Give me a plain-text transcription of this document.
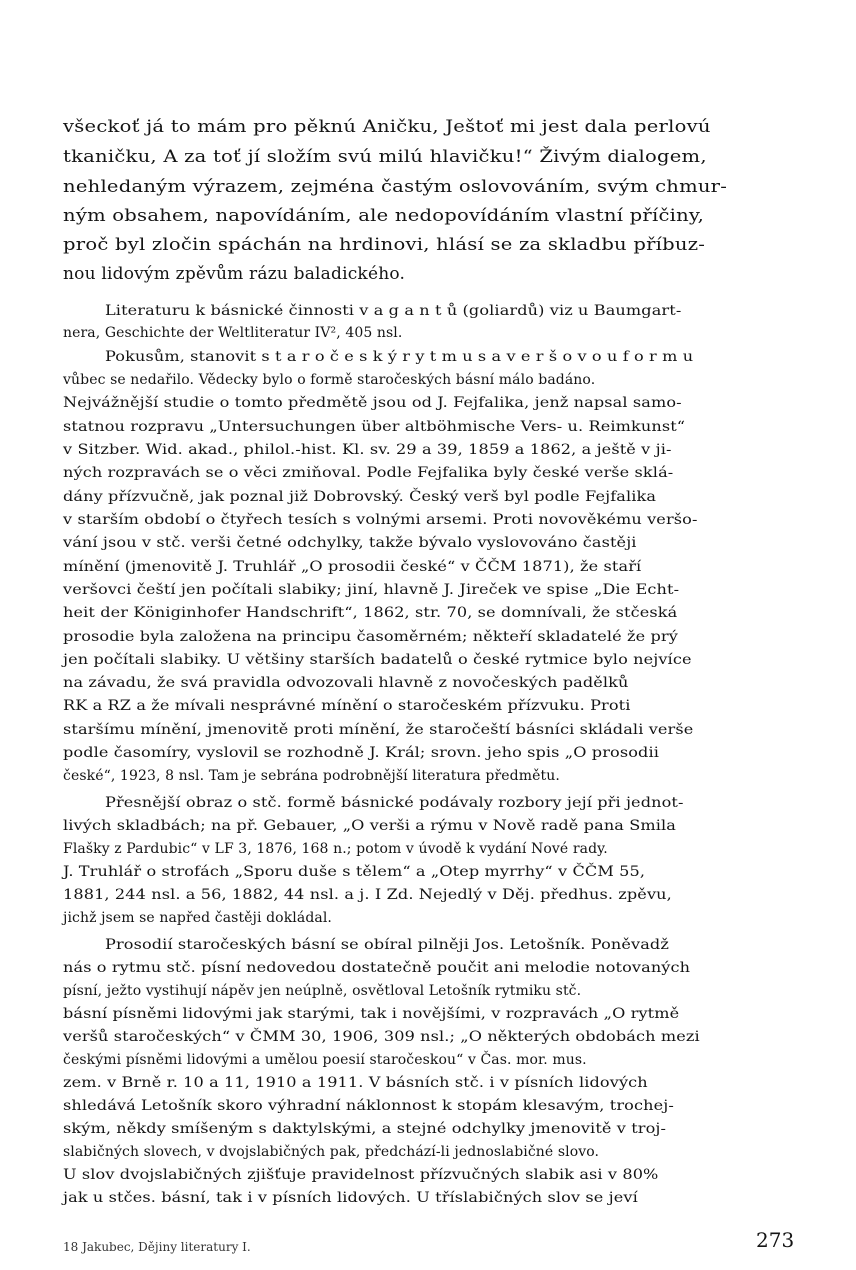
všeckoť já to mám pro pěknú Aničku, Ještoť mi jest dala perlovú

tkaničku, A za toť jí složím svú milú hlavičku!“ Živým dialogem,

nehledaným výrazem, zejména častým oslovováním, svým chmur-

ným obsahem, napovídáním, ale nedopovídáním vlastní příčiny,

proč byl zločin spáchán na hrdinovi, hlásí se za skladbu příbuz-

nou lidovým zpěvům rázu baladického.

Literaturu k básnické činnosti v a g a n t ů (goliardů) viz u Baumgart-

nera, Geschichte der Weltliteratur IV², 405 nsl.

Pokusům, stanovit s t a r o č e s k ý r y t m u s a v e r š o v o u f o r m u

vůbec se nedařilo. Vědecky bylo o formě staročeských básní málo badáno.

Nejvážnější studie o tomto předmětě jsou od J. Fejfalika, jenž napsal samo-

statnou rozpravu „Untersuchungen über altböhmische Vers- u. Reimkunst“

v Sitzber. Wid. akad., philol.-hist. Kl. sv. 29 a 39, 1859 a 1862, a ještě v ji-

ných rozpravách se o věci zmiňoval. Podle Fejfalika byly české verše sklá-

dány přízvučně, jak poznal již Dobrovský. Český verš byl podle Fejfalika

v starším období o čtyřech tesích s volnými arsemi. Proti novověkému veršo-

vání jsou v stč. verši četné odchylky, takže bývalo vyslovováno častěji

mínění (jmenovitě J. Truhlář „O prosodii české“ v ČČM 1871), že staří

veršovci čeští jen počítali slabiky; jiní, hlavně J. Jireček ve spise „Die Echt-

heit der Königinhofer Handschrift“, 1862, str. 70, se domnívali, že stčeská

prosodie byla založena na principu časoměrném; někteří skladatelé že prý

jen počítali slabiky. U většiny starších badatelů o české rytmice bylo nejvíce

na závadu, že svá pravidla odvozovali hlavně z novočeských padělků

RK a RZ a že mívali nesprávné mínění o staročeském přízvuku. Proti

staršímu mínění, jmenovitě proti mínění, že staročeští básníci skládali verše

podle časomíry, vyslovil se rozhodně J. Král; srovn. jeho spis „O prosodii

české“, 1923, 8 nsl. Tam je sebrána podrobnější literatura předmětu.

Přesnější obraz o stč. formě básnické podávaly rozbory její při jednot-

livých skladbách; na př. Gebauer, „O verši a rýmu v Nově radě pana Smila

Flašky z Pardubic“ v LF 3, 1876, 168 n.; potom v úvodě k vydání Nové rady.

J. Truhlář o strofách „Sporu duše s tělem“ a „Otep myrrhy“ v ČČM 55,

1881, 244 nsl. a 56, 1882, 44 nsl. a j. I Zd. Nejedlý v Děj. předhus. zpěvu,

jichž jsem se napřed častěji dokládal.

Prosodií staročeských básní se obíral pilněji Jos. Letošník. Poněvadž

nás o rytmu stč. písní nedovedou dostatečně poučit ani melodie notovaných

písní, ježto vystihují nápěv jen neúplně, osvětloval Letošník rytmiku stč.

básní písněmi lidovými jak starými, tak i novějšími, v rozpravách „O rytmě

veršů staročeských“ v ČMM 30, 1906, 309 nsl.; „O některých obdobách mezi

českými písněmi lidovými a umělou poesií staročeskou“ v Čas. mor. mus.

zem. v Brně r. 10 a 11, 1910 a 1911. V básních stč. i v písních lidových

shledává Letošník skoro výhradní náklonnost k stopám klesavým, trochej-

ským, někdy smíšeným s daktylskými, a stejné odchylky jmenovitě v troj-

slabičných slovech, v dvojslabičných pak, předchází-li jednoslabičné slovo.

U slov dvojslabičných zjišťuje pravidelnost přízvučných slabik asi v 80%

jak u stčes. básní, tak i v písních lidových. U tříslabičných slov se jeví

18 Jakubec, Dějiny literatury I.	273
